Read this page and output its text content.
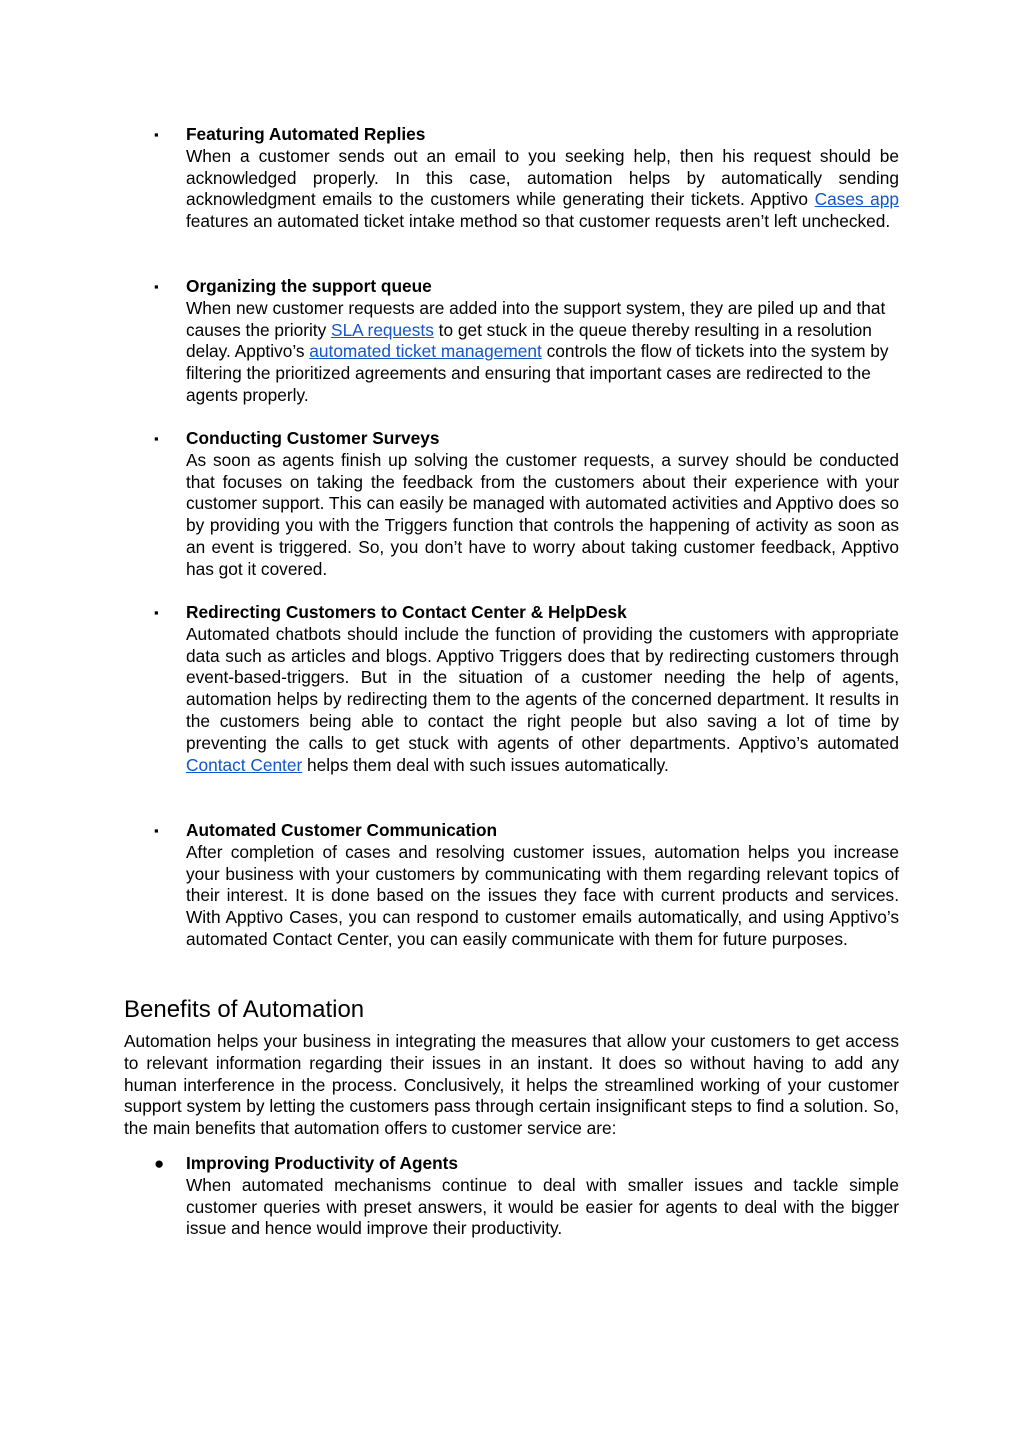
▪ Featuring Automated Replies
When a customer sends out an email to you seeking help, then his request should be acknowledged properly. In this case, automation helps by automatically sending acknowledgment emails to the customers while generating their tickets. Apptivo Cases app features an automated ticket intake method so that customer requests aren’t left unchecked.
▪ Organizing the support queue
When new customer requests are added into the support system, they are piled up and that causes the priority SLA requests to get stuck in the queue thereby resulting in a resolution delay. Apptivo’s automated ticket management controls the flow of tickets into the system by filtering the prioritized agreements and ensuring that important cases are redirected to the agents properly.
▪ Conducting Customer Surveys
As soon as agents finish up solving the customer requests, a survey should be conducted that focuses on taking the feedback from the customers about their experience with your customer support. This can easily be managed with automated activities and Apptivo does so by providing you with the Triggers function that controls the happening of activity as soon as an event is triggered. So, you don’t have to worry about taking customer feedback, Apptivo has got it covered.
▪ Redirecting Customers to Contact Center & HelpDesk
Automated chatbots should include the function of providing the customers with appropriate data such as articles and blogs. Apptivo Triggers does that by redirecting customers through event-based-triggers. But in the situation of a customer needing the help of agents, automation helps by redirecting them to the agents of the concerned department. It results in the customers being able to contact the right people but also saving a lot of time by preventing the calls to get stuck with agents of other departments. Apptivo’s automated Contact Center helps them deal with such issues automatically.
▪ Automated Customer Communication
After completion of cases and resolving customer issues, automation helps you increase your business with your customers by communicating with them regarding relevant topics of their interest. It is done based on the issues they face with current products and services. With Apptivo Cases, you can respond to customer emails automatically, and using Apptivo’s automated Contact Center, you can easily communicate with them for future purposes.
Benefits of Automation

Automation helps your business in integrating the measures that allow your customers to get access to relevant information regarding their issues in an instant. It does so without having to add any human interference in the process. Conclusively, it helps the streamlined working of your customer support system by letting the customers pass through certain insignificant steps to find a solution. So, the main benefits that automation offers to customer service are:

● Improving Productivity of Agents
When automated mechanisms continue to deal with smaller issues and tackle simple customer queries with preset answers, it would be easier for agents to deal with the bigger issue and hence would improve their productivity.
